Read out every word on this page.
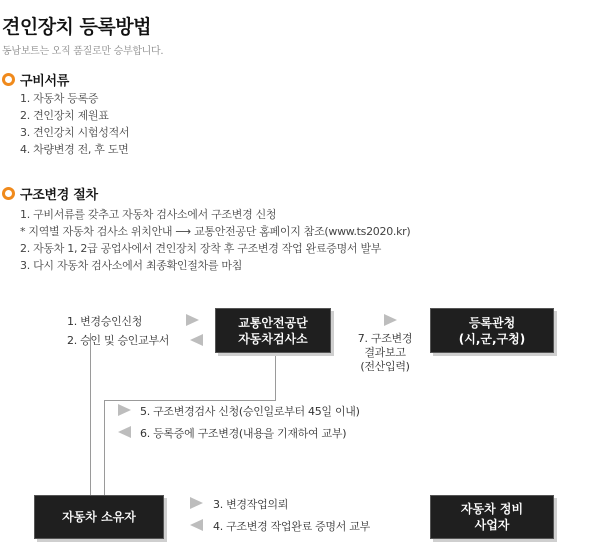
견인장치 등록방법
동남보트는 오직 품질로만 승부합니다.
구비서류
1. 자동차 등록증
2. 견인장치 제원표
3. 견인강치 시험성적서
4. 차량변경 전, 후 도면
구조변경 절차
1. 구비서류를 갖추고 자동차 검사소에서 구조변경 신청
* 지역별 자동차 검사소 위치안내 ⟶ 교통안전공단 홈페이지 참조(www.ts2020.kr)
2. 자동차 1, 2급 공업사에서 견인장치 장착 후 구조변경 작업 완료증명서 발부
3. 다시 자동차 검사소에서 최종확인절차를 마침
교통안전공단
자동차검사소
등록관청
(시,군,구청)
자동차 소유자
자동차 정비
사업자
1. 변경승인신청
2. 승인 및 승인교부서	7. 구조변경
결과보고
(전산입력)
5. 구조변경검사 신청(승인일로부터 45일 이내)
6. 등록증에 구조변경(내용을 기재하여 교부)
3. 변경작업의뢰
4. 구조변경 작업완료 증명서 교부
